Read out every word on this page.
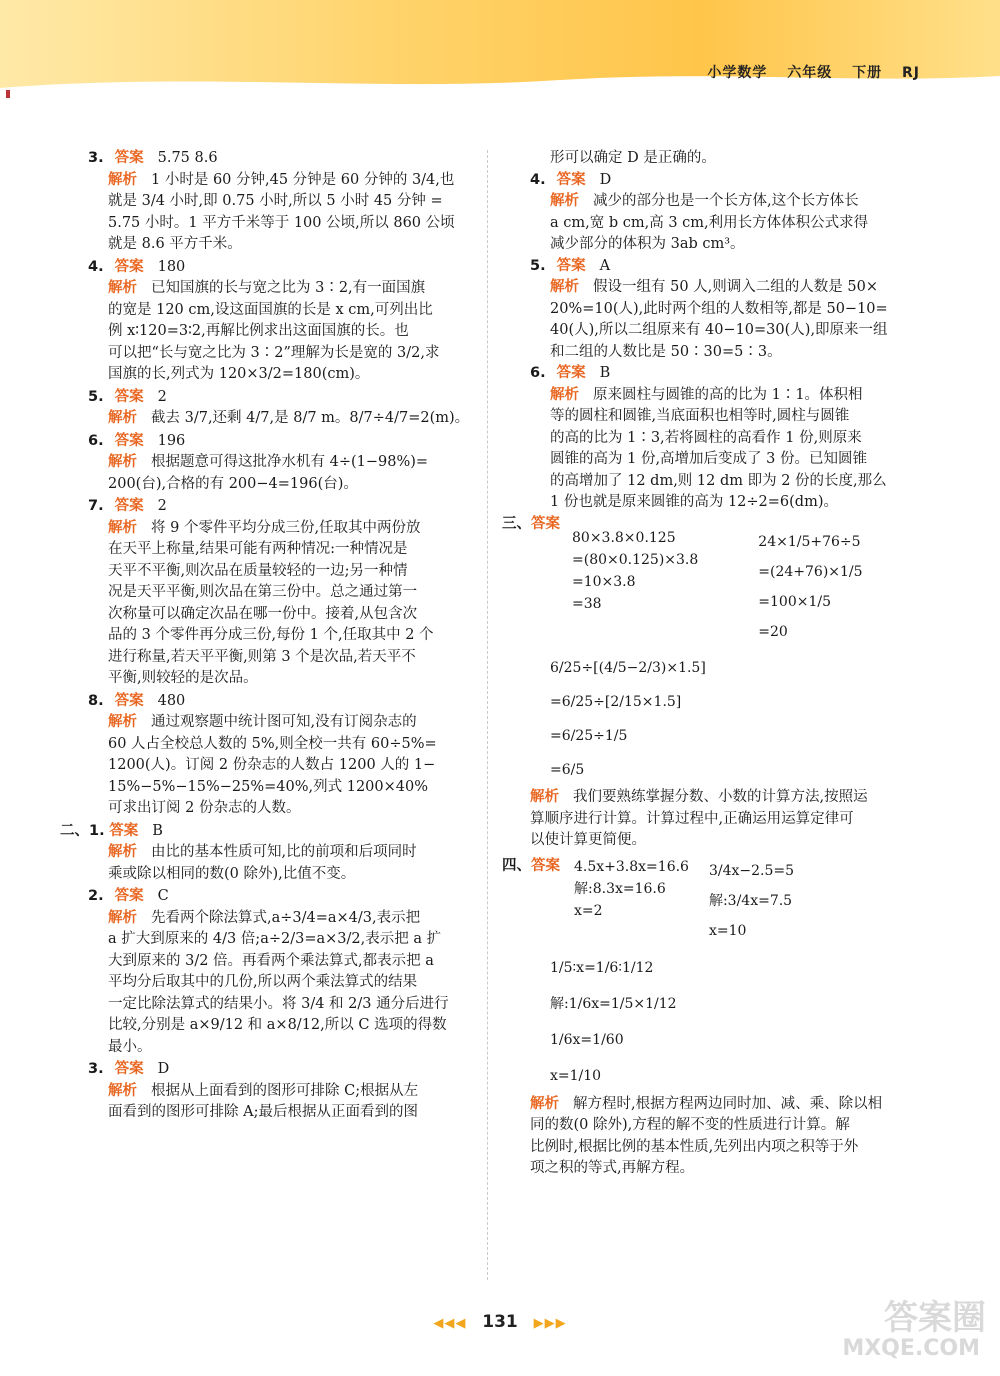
小学数学 六年级 下册 RJ
3. 答案 5.75 8.6
解析 1 小时是 60 分钟,45 分钟是 60 分钟的 3/4,也
就是 3/4 小时,即 0.75 小时,所以 5 小时 45 分钟 =
5.75 小时。1 平方千米等于 100 公顷,所以 860 公顷
就是 8.6 平方千米。
4. 答案 180
解析 已知国旗的长与宽之比为 3∶2,有一面国旗
的宽是 120 cm,设这面国旗的长是 x cm,可列出比
例 x∶120=3∶2,再解比例求出这面国旗的长。也
可以把“长与宽之比为 3∶2”理解为长是宽的 3/2,求
国旗的长,列式为 120×3/2=180(cm)。
5. 答案 2
解析 截去 3/7,还剩 4/7,是 8/7 m。8/7÷4/7=2(m)。
6. 答案 196
解析 根据题意可得这批净水机有 4÷(1−98%)=
200(台),合格的有 200−4=196(台)。
7. 答案 2
解析 将 9 个零件平均分成三份,任取其中两份放
在天平上称量,结果可能有两种情况:一种情况是
天平不平衡,则次品在质量较轻的一边;另一种情
况是天平平衡,则次品在第三份中。总之通过第一
次称量可以确定次品在哪一份中。接着,从包含次
品的 3 个零件再分成三份,每份 1 个,任取其中 2 个
进行称量,若天平平衡,则第 3 个是次品,若天平不
平衡,则较轻的是次品。
8. 答案 480
解析 通过观察题中统计图可知,没有订阅杂志的
60 人占全校总人数的 5%,则全校一共有 60÷5%=
1200(人)。订阅 2 份杂志的人数占 1200 人的 1−
15%−5%−15%−25%=40%,列式 1200×40%
可求出订阅 2 份杂志的人数。
二、1. 答案 B
解析 由比的基本性质可知,比的前项和后项同时
乘或除以相同的数(0 除外),比值不变。
2. 答案 C
解析 先看两个除法算式,a÷3/4=a×4/3,表示把
a 扩大到原来的 4/3 倍;a÷2/3=a×3/2,表示把 a 扩
大到原来的 3/2 倍。再看两个乘法算式,都表示把 a
平均分后取其中的几份,所以两个乘法算式的结果
一定比除法算式的结果小。将 3/4 和 2/3 通分后进行
比较,分别是 a×9/12 和 a×8/12,所以 C 选项的得数
最小。
3. 答案 D
解析 根据从上面看到的图形可排除 C;根据从左
面看到的图形可排除 A;最后根据从正面看到的图
形可以确定 D 是正确的。
4. 答案 D
解析 减少的部分也是一个长方体,这个长方体长
a cm,宽 b cm,高 3 cm,利用长方体体积公式求得
减少部分的体积为 3ab cm³。
5. 答案 A
解析 假设一组有 50 人,则调入二组的人数是 50×
20%=10(人),此时两个组的人数相等,都是 50−10=
40(人),所以二组原来有 40−10=30(人),即原来一组
和二组的人数比是 50∶30=5∶3。
6. 答案 B
解析 原来圆柱与圆锥的高的比为 1∶1。体积相
等的圆柱和圆锥,当底面积也相等时,圆柱与圆锥
的高的比为 1∶3,若将圆柱的高看作 1 份,则原来
圆锥的高为 1 份,高增加后变成了 3 份。已知圆锥
的高增加了 12 dm,则 12 dm 即为 2 份的长度,那么
1 份也就是原来圆锥的高为 12÷2=6(dm)。
三、答案
80×3.8×0.125
=(80×0.125)×3.8
=10×3.8
=38
24×1/5+76÷5
=(24+76)×1/5
=100×1/5
=20
6/25÷[(4/5−2/3)×1.5]
=6/25÷[2/15×1.5]
=6/25÷1/5
=6/5
解析 我们要熟练掌握分数、小数的计算方法,按照运
算顺序进行计算。计算过程中,正确运用运算定律可
以使计算更简便。
四、答案 4.5x+3.8x=16.6
解:8.3x=16.6
x=2
3/4x−2.5=5
解:3/4x=7.5
x=10
1/5∶x=1/6∶1/12
解:1/6x=1/5×1/12
1/6x=1/60
x=1/10
解析 解方程时,根据方程两边同时加、减、乘、除以相
同的数(0 除外),方程的解不变的性质进行计算。解
比例时,根据比例的基本性质,先列出内项之积等于外
项之积的等式,再解方程。
◀◀◀ 131 ▶▶▶	答案圈
MXQE.COM
